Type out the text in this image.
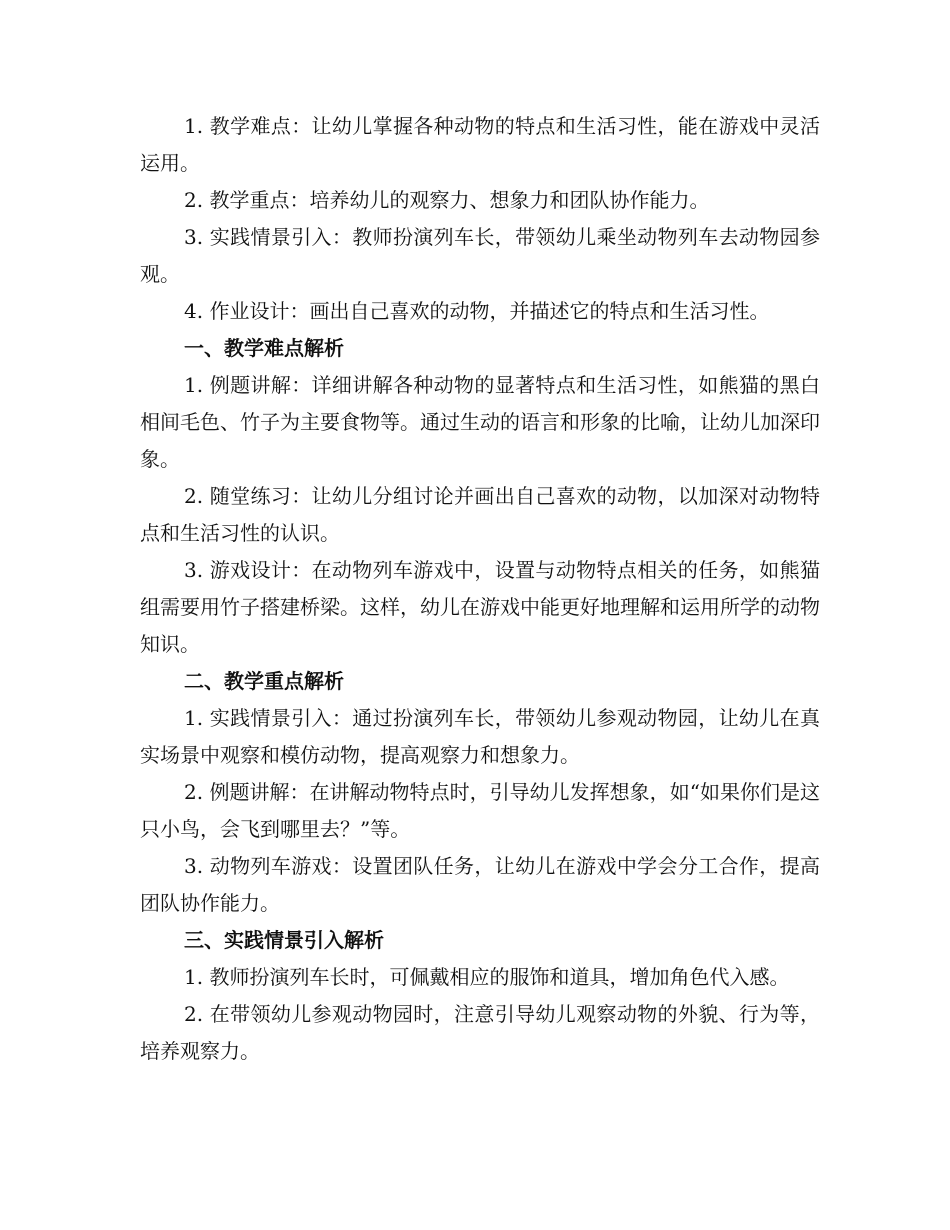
1. 教学难点：让幼儿掌握各种动物的特点和生活习性，能在游戏中灵活运用。

2. 教学重点：培养幼儿的观察力、想象力和团队协作能力。

3. 实践情景引入：教师扮演列车长，带领幼儿乘坐动物列车去动物园参观。

4. 作业设计：画出自己喜欢的动物，并描述它的特点和生活习性。

一、教学难点解析

1. 例题讲解：详细讲解各种动物的显著特点和生活习性，如熊猫的黑白相间毛色、竹子为主要食物等。通过生动的语言和形象的比喻，让幼儿加深印象。

2. 随堂练习：让幼儿分组讨论并画出自己喜欢的动物，以加深对动物特点和生活习性的认识。

3. 游戏设计：在动物列车游戏中，设置与动物特点相关的任务，如熊猫组需要用竹子搭建桥梁。这样，幼儿在游戏中能更好地理解和运用所学的动物知识。

二、教学重点解析

1. 实践情景引入：通过扮演列车长，带领幼儿参观动物园，让幼儿在真实场景中观察和模仿动物，提高观察力和想象力。

2. 例题讲解：在讲解动物特点时，引导幼儿发挥想象，如“如果你们是这只小鸟，会飞到哪里去？”等。

3. 动物列车游戏：设置团队任务，让幼儿在游戏中学会分工合作，提高团队协作能力。

三、实践情景引入解析

1. 教师扮演列车长时，可佩戴相应的服饰和道具，增加角色代入感。

2. 在带领幼儿参观动物园时，注意引导幼儿观察动物的外貌、行为等，培养观察力。
